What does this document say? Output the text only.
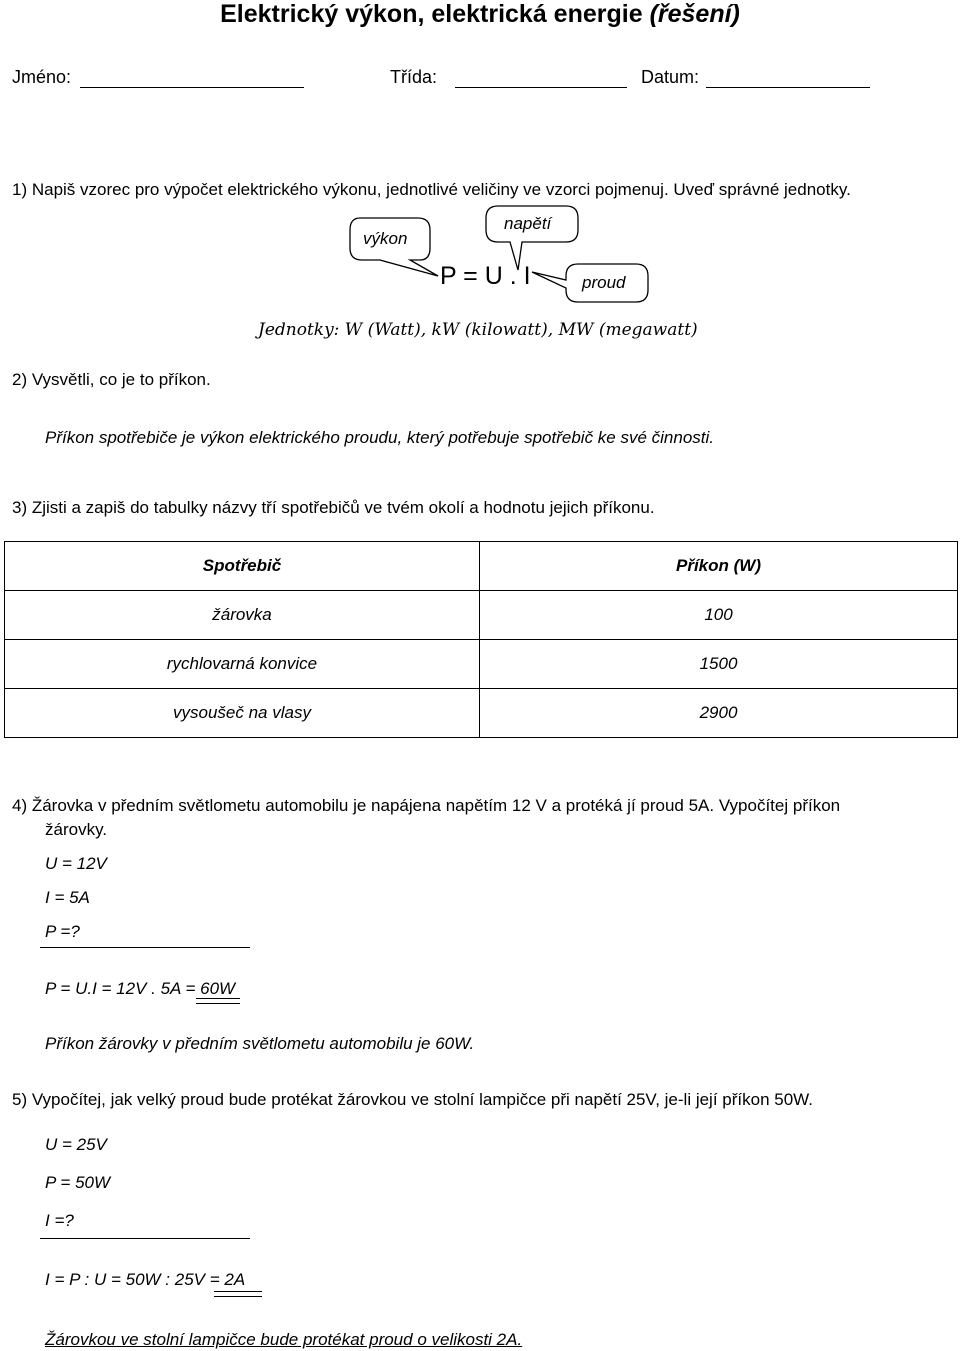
Elektrický výkon, elektrická energie (řešení)
Jméno:	Třída:	Datum:
1) Napiš vzorec pro výpočet elektrického výkonu, jednotlivé veličiny ve vzorci pojmenuj. Uveď správné jednotky.
výkon
napětí
proud
P = U . I
Jednotky: W (Watt), kW (kilowatt), MW (megawatt)
2) Vysvětli, co je to příkon.
Příkon spotřebiče je výkon elektrického proudu, který potřebuje spotřebič ke své činnosti.
3) Zjisti a zapiš do tabulky názvy tří spotřebičů ve tvém okolí a hodnotu jejich příkonu.
Spotřebič	Příkon (W)
žárovka	100
rychlovarná konvice	1500
vysoušeč na vlasy	2900
4) Žárovka v předním světlometu automobilu je napájena napětím 12 V a protéká jí proud 5A. Vypočítej příkon
žárovky.
U = 12V
I = 5A
P =?
P = U.I = 12V . 5A = 60W
Příkon žárovky v předním světlometu automobilu je 60W.
5) Vypočítej, jak velký proud bude protékat žárovkou ve stolní lampičce při napětí 25V, je-li její příkon 50W.
U = 25V
P = 50W
I =?
I = P : U = 50W : 25V = 2A
Žárovkou ve stolní lampičce bude protékat proud o velikosti 2A.
